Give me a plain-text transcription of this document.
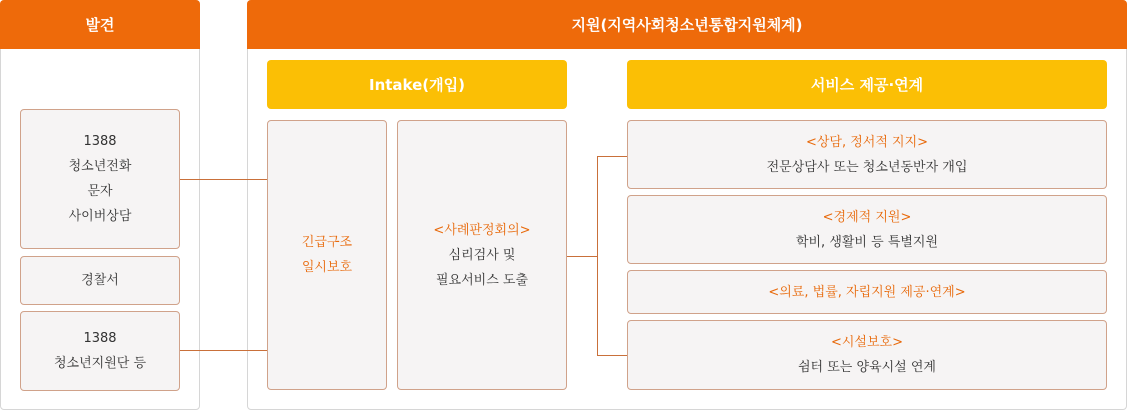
발견
1388
청소년전화
문자
사이버상담
경찰서
1388
청소년지원단 등
지원(지역사회청소년통합지원체계)
Intake(개입)	서비스 제공·연계
긴급구조
일시보호
<사례판정회의>
심리검사 및
필요서비스 도출
<상담, 정서적 지지>
전문상담사 또는 청소년동반자 개입
<경제적 지원>
학비, 생활비 등 특별지원
<의료, 법률, 자립지원 제공·연계>
<시설보호>
쉼터 또는 양육시설 연계
